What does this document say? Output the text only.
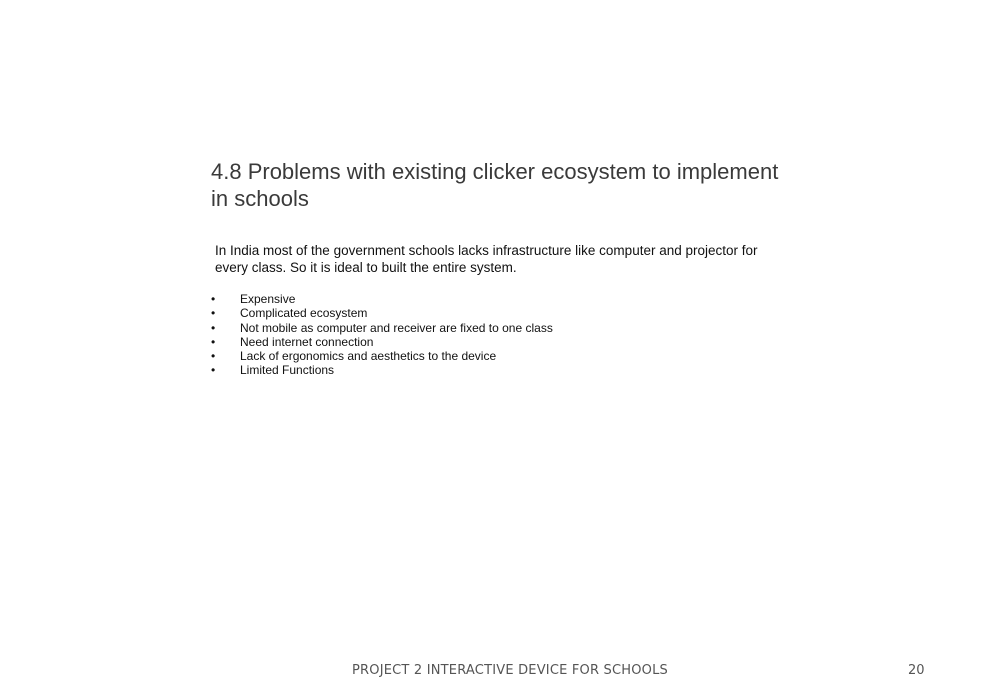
4.8 Problems with existing clicker ecosystem to implement in schools

In India most of the government schools lacks infrastructure like computer and projector for every class. So it is ideal to built the entire system.

•	Expensive
•	Complicated ecosystem
•	Not mobile as computer and receiver are fixed to one class
•	Need internet connection
•	Lack of ergonomics and aesthetics to the device
•	Limited Functions
PROJECT 2 INTERACTIVE DEVICE FOR SCHOOLS	20
